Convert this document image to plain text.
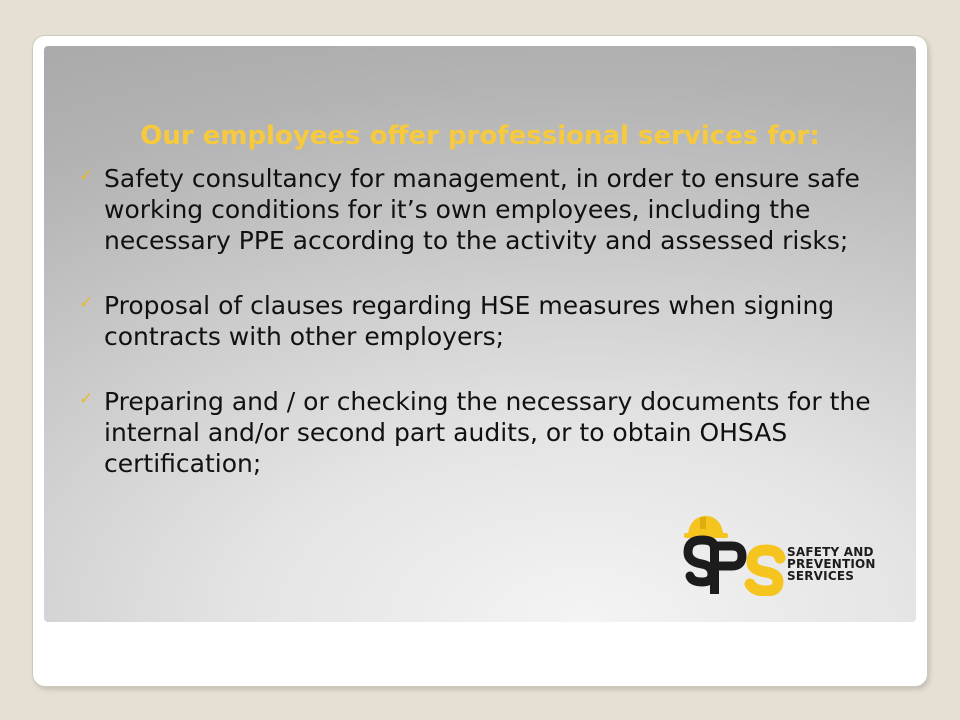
Our employees offer professional services for:
✓ Safety consultancy for management, in order to ensure safe working conditions for it’s own employees, including the necessary PPE according to the activity and assessed risks;
✓ Proposal of clauses regarding HSE measures when signing contracts with other employers;
✓ Preparing and / or checking the necessary documents for the internal and/or second part audits, or to obtain OHSAS certification;
SAFETY AND
PREVENTION
SERVICES
